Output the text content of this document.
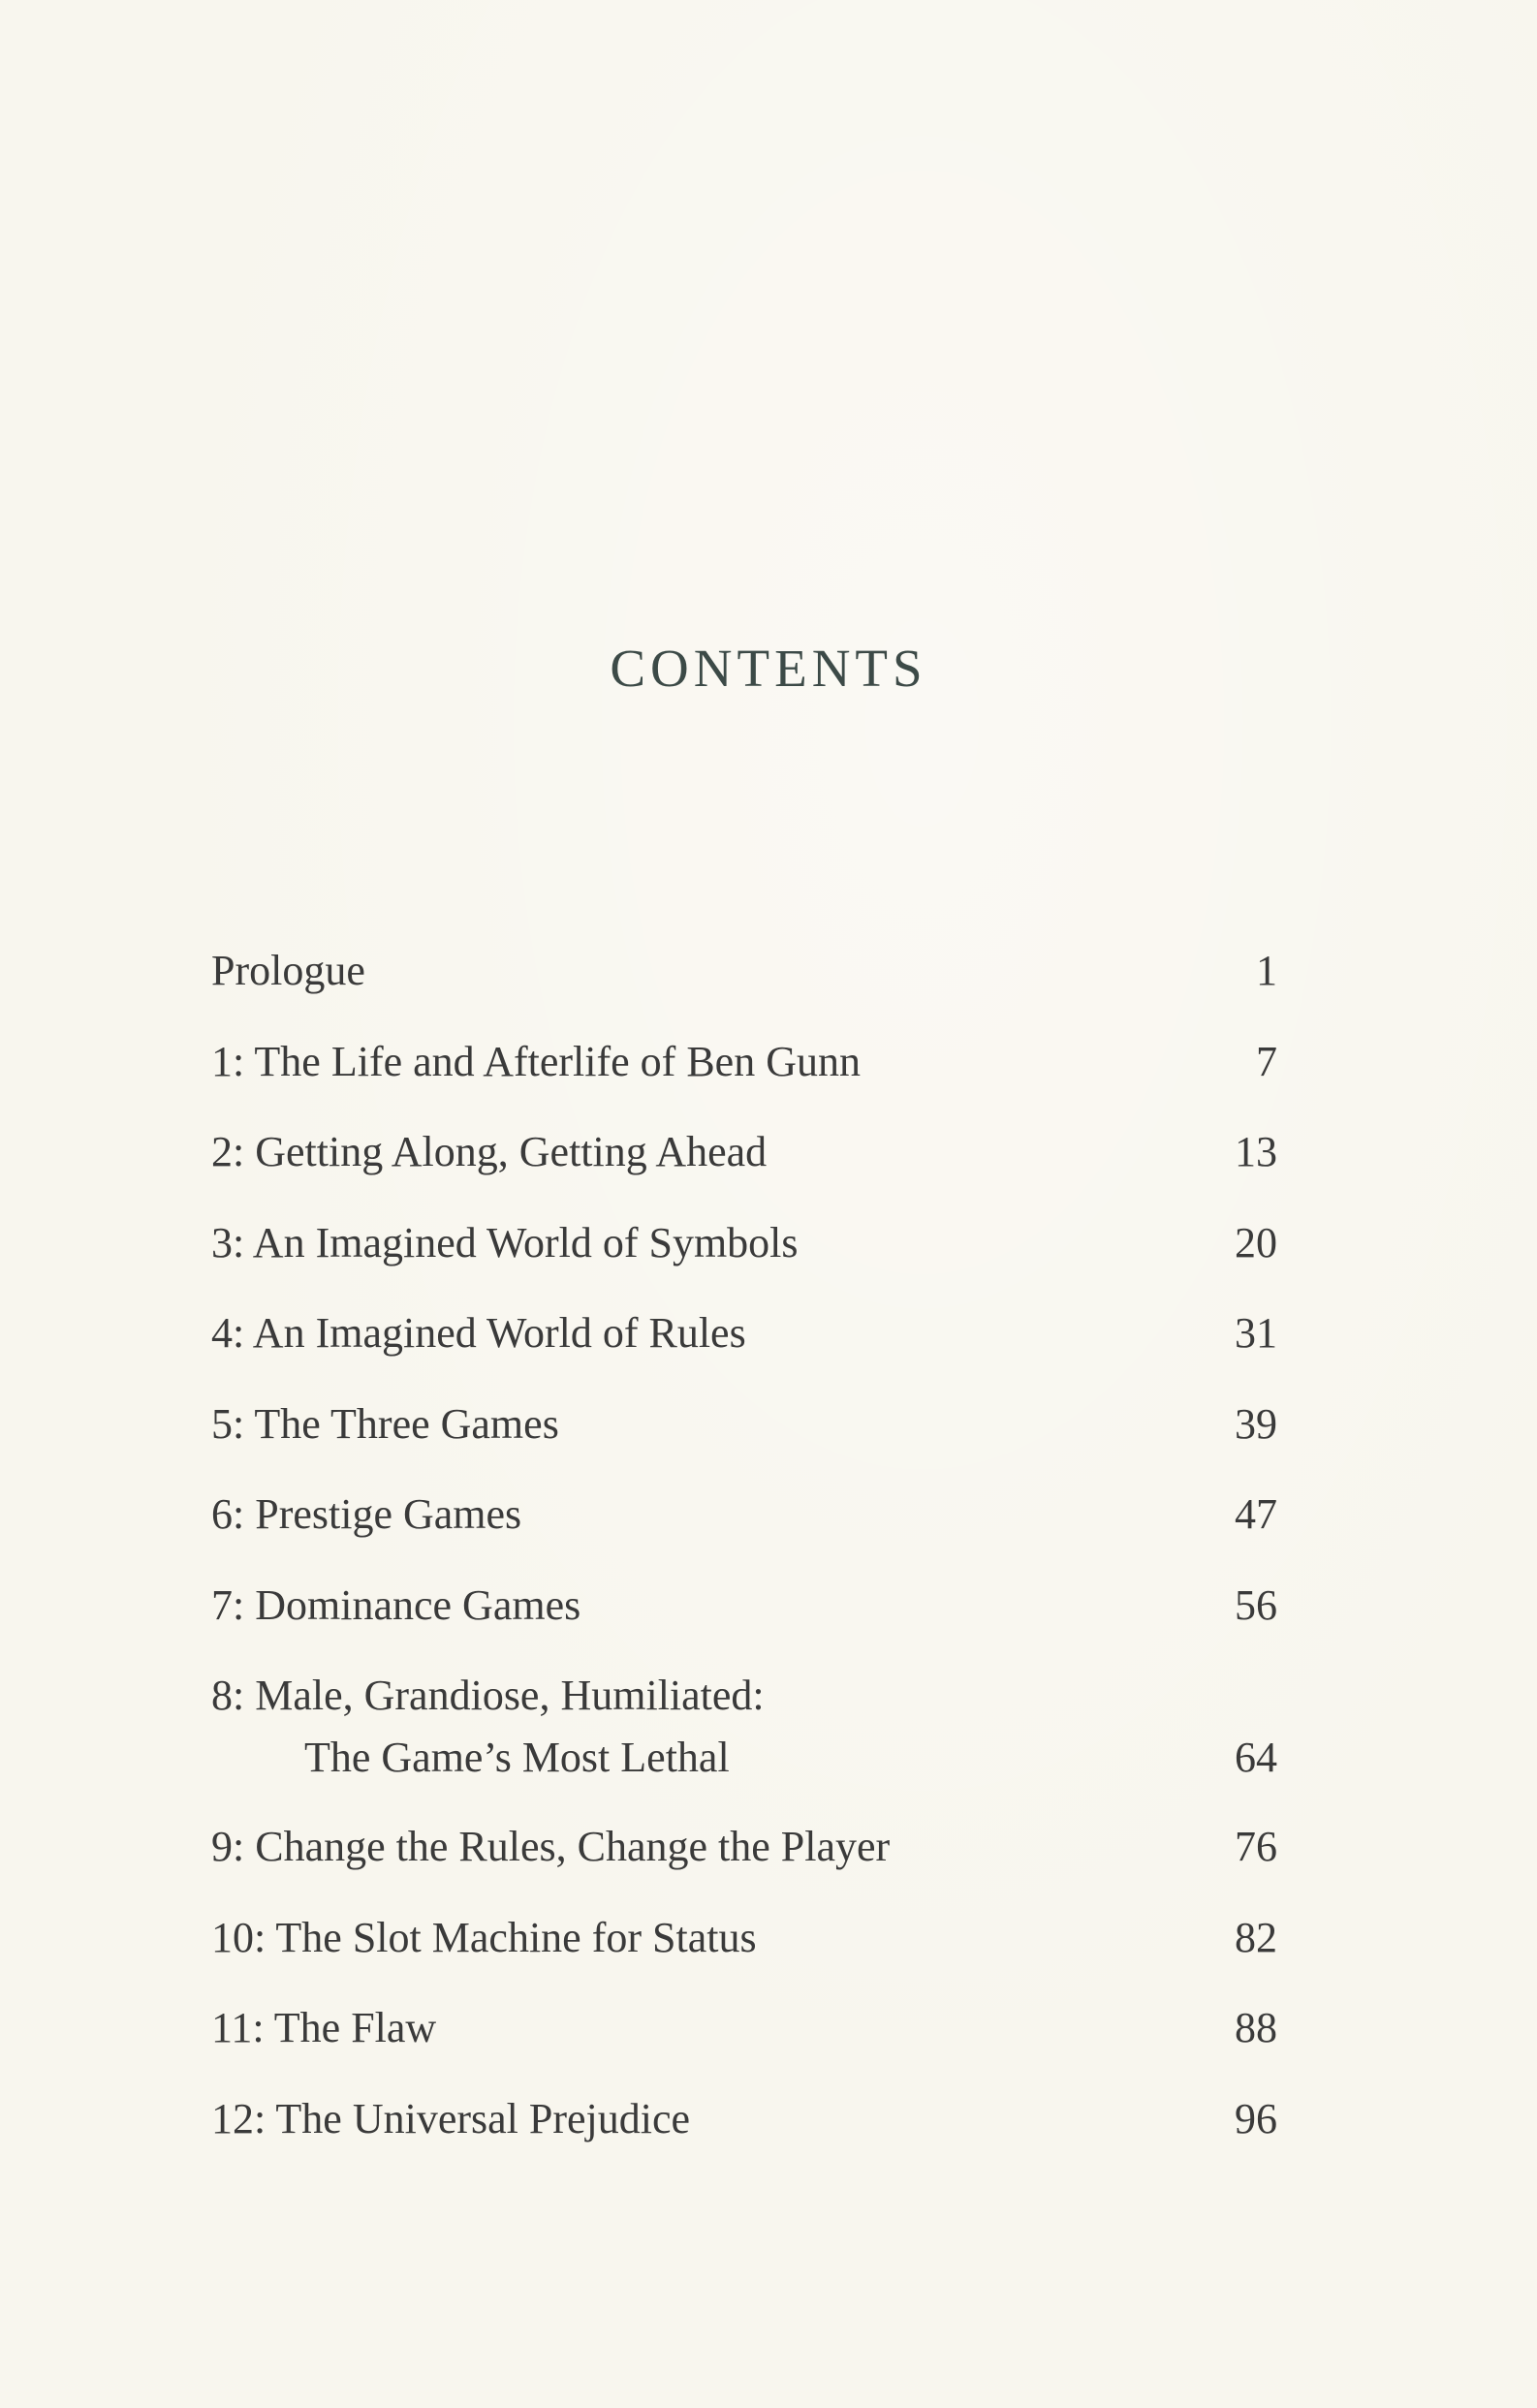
CONTENTS
Prologue	1
1: The Life and Afterlife of Ben Gunn	7
2: Getting Along, Getting Ahead	13
3: An Imagined World of Symbols	20
4: An Imagined World of Rules	31
5: The Three Games	39
6: Prestige Games	47
7: Dominance Games	56
8: Male, Grandiose, Humiliated:
The Game’s Most Lethal	64
9: Change the Rules, Change the Player	76
10: The Slot Machine for Status	82
11: The Flaw	88
12: The Universal Prejudice	96
